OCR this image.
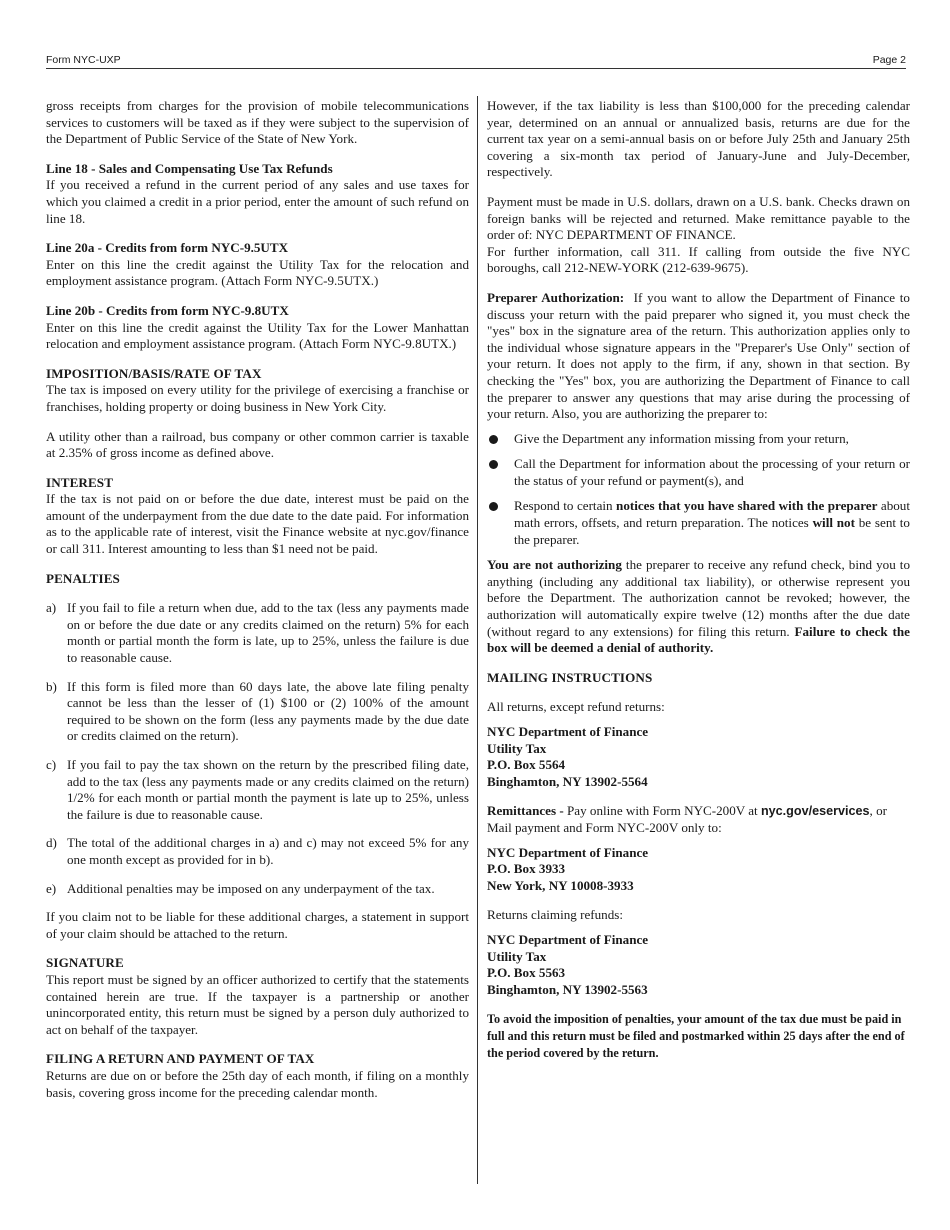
Form NYC-UXP	Page 2

gross receipts from charges for the provision of mobile telecommunications services to customers will be taxed as if they were subject to the supervision of the Department of Public Service of the State of New York.

Line 18 - Sales and Compensating Use Tax Refunds

If you received a refund in the current period of any sales and use taxes for which you claimed a credit in a prior period, enter the amount of such refund on line 18.

Line 20a - Credits from form NYC-9.5UTX

Enter on this line the credit against the Utility Tax for the relocation and employment assistance program. (Attach Form NYC-9.5UTX.)

Line 20b - Credits from form NYC-9.8UTX

Enter on this line the credit against the Utility Tax for the Lower Manhattan relocation and employment assistance program. (Attach Form NYC-9.8UTX.)

IMPOSITION/BASIS/RATE OF TAX

The tax is imposed on every utility for the privilege of exercising a franchise or franchises, holding property or doing business in New York City.

A utility other than a railroad, bus company or other common carrier is taxable at 2.35% of gross income as defined above.

INTEREST

If the tax is not paid on or before the due date, interest must be paid on the amount of the underpayment from the due date to the date paid. For information as to the applicable rate of interest, visit the Finance website at nyc.gov/finance or call 311. Interest amounting to less than $1 need not be paid.

PENALTIES

a) If you fail to file a return when due, add to the tax (less any payments made on or before the due date or any credits claimed on the return) 5% for each month or partial month the form is late, up to 25%, unless the failure is due to reasonable cause.
b) If this form is filed more than 60 days late, the above late filing penalty cannot be less than the lesser of (1) $100 or (2) 100% of the amount required to be shown on the form (less any payments made by the due date or credits claimed on the return).
c) If you fail to pay the tax shown on the return by the prescribed filing date, add to the tax (less any payments made or any credits claimed on the return) 1/2% for each month or partial month the payment is late up to 25%, unless the failure is due to reasonable cause.
d) The total of the additional charges in a) and c) may not exceed 5% for any one month except as provided for in b).
e) Additional penalties may be imposed on any underpayment of the tax.

If you claim not to be liable for these additional charges, a statement in support of your claim should be attached to the return.

SIGNATURE

This report must be signed by an officer authorized to certify that the statements contained herein are true. If the taxpayer is a partnership or another unincorporated entity, this return must be signed by a person duly authorized to act on behalf of the taxpayer.

FILING A RETURN AND PAYMENT OF TAX

Returns are due on or before the 25th day of each month, if filing on a monthly basis, covering gross income for the preceding calendar month.

However, if the tax liability is less than $100,000 for the preceding calendar year, determined on an annual or annualized basis, returns are due for the current tax year on a semi-annual basis on or before July 25th and January 25th covering a six-month tax period of January-June and July-December, respectively.

Payment must be made in U.S. dollars, drawn on a U.S. bank. Checks drawn on foreign banks will be rejected and returned. Make remittance payable to the order of: NYC DEPARTMENT OF FINANCE.

For further information, call 311. If calling from outside the five NYC boroughs, call 212-NEW-YORK (212-639-9675).

Preparer Authorization: If you want to allow the Department of Finance to discuss your return with the paid preparer who signed it, you must check the "yes" box in the signature area of the return. This authorization applies only to the individual whose signature appears in the "Preparer's Use Only" section of your return. It does not apply to the firm, if any, shown in that section. By checking the "Yes" box, you are authorizing the Department of Finance to call the preparer to answer any questions that may arise during the processing of your return. Also, you are authorizing the preparer to:

Give the Department any information missing from your return,
Call the Department for information about the processing of your return or the status of your refund or payment(s), and
Respond to certain notices that you have shared with the preparer about math errors, offsets, and return preparation. The notices will not be sent to the preparer.

You are not authorizing the preparer to receive any refund check, bind you to anything (including any additional tax liability), or otherwise represent you before the Department. The authorization cannot be revoked; however, the authorization will automatically expire twelve (12) months after the due date (without regard to any extensions) for filing this return. Failure to check the box will be deemed a denial of authority.

MAILING INSTRUCTIONS

All returns, except refund returns:

NYC Department of Finance

Utility Tax

P.O. Box 5564

Binghamton, NY 13902-5564

Remittances - Pay online with Form NYC-200V at nyc.gov/eservices, or Mail payment and Form NYC-200V only to:

NYC Department of Finance

P.O. Box 3933

New York, NY 10008-3933

Returns claiming refunds:

NYC Department of Finance

Utility Tax

P.O. Box 5563

Binghamton, NY 13902-5563

To avoid the imposition of penalties, your amount of the tax due must be paid in full and this return must be filed and postmarked within 25 days after the end of the period covered by the return.
